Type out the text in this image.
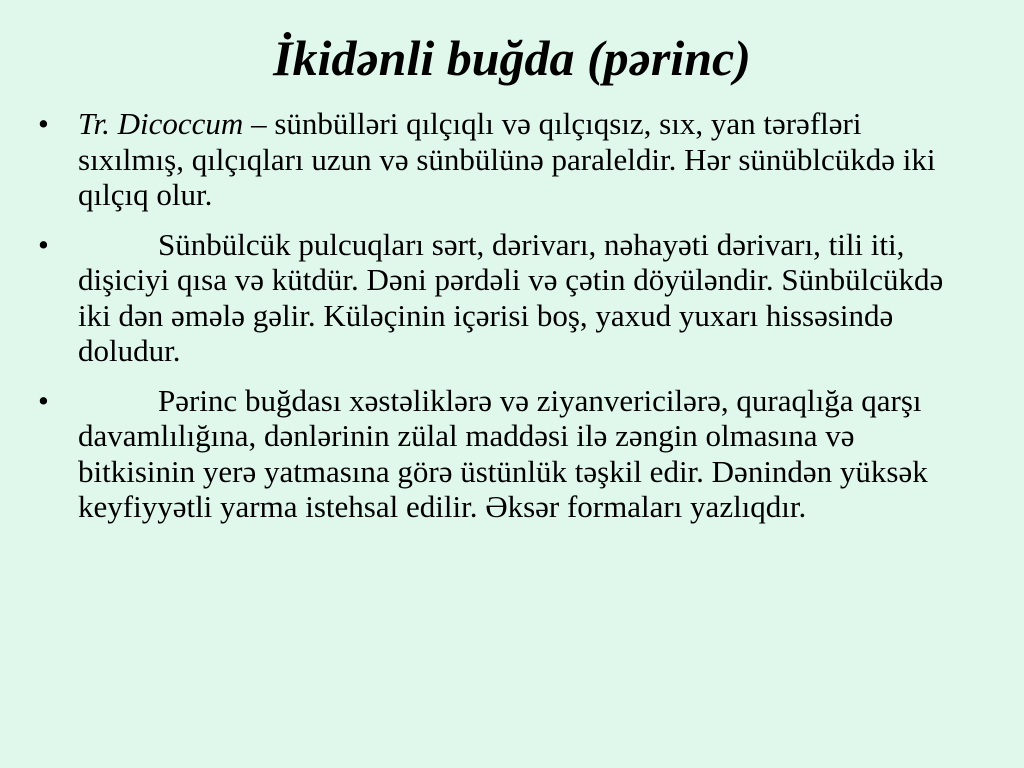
İkidənli buğda (pərinc)
• Tr. Dicoccum – sünbülləri qılçıqlı və qılçıqsız, sıx, yan tərəfləri sıxılmış, qılçıqları uzun və sünbülünə paraleldir. Hər sünüblcükdə iki qılçıq olur.
•	Sünbülcük pulcuqları sərt, dərivarı, nəhayəti dərivarı, tili iti, dişiciyi qısa və kütdür. Dəni pərdəli və çətin döyüləndir. Sünbülcükdə iki dən əmələ gəlir. Küləçinin içərisi boş, yaxud yuxarı hissəsində doludur.
•	Pərinc buğdası xəstəliklərə və ziyanvericilərə, quraqlığa qarşı davamlılığına, dənlərinin zülal maddəsi ilə zəngin olmasına və bitkisinin yerə yatmasına görə üstünlük təşkil edir. Dənindən yüksək keyfiyyətli yarma istehsal edilir. Əksər formaları yazlıqdır.
